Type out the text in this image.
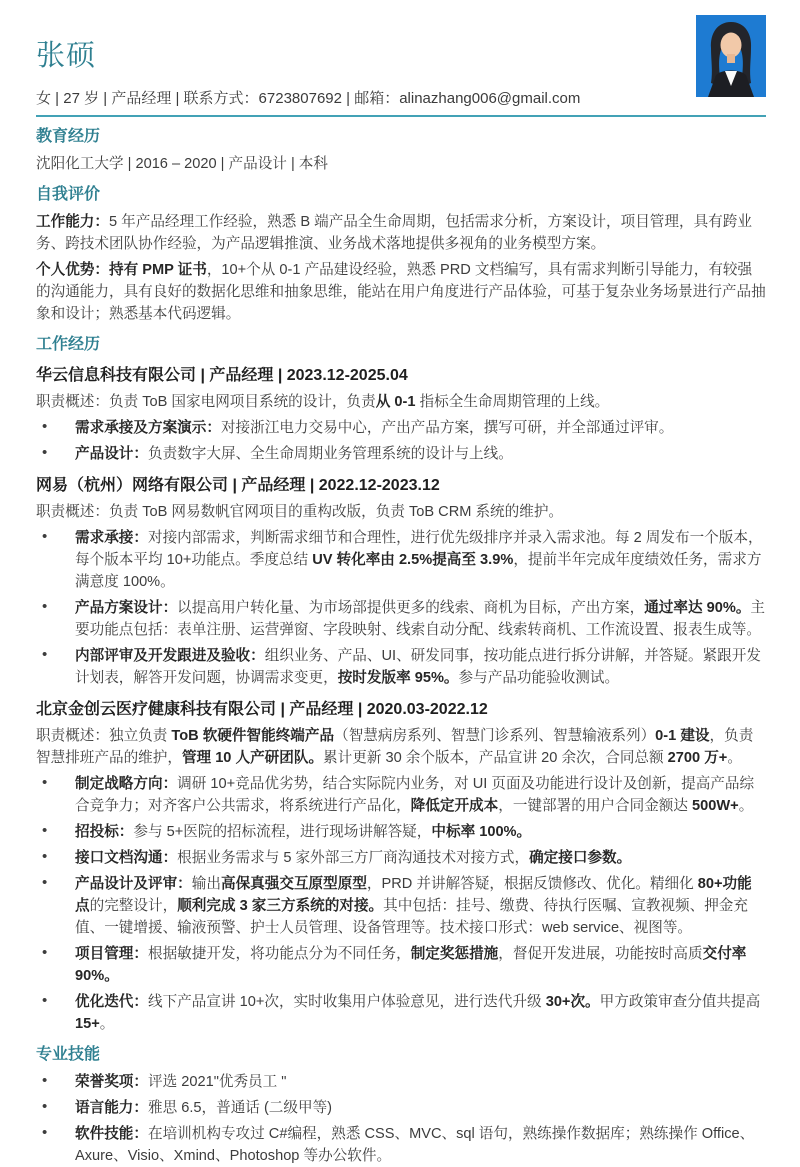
张硕
女 | 27 岁 | 产品经理 | 联系方式：6723807692 | 邮箱：alinazhang006@gmail.com
教育经历

沈阳化工大学 | 2016 – 2020 | 产品设计 | 本科

自我评价

工作能力：5 年产品经理工作经验，熟悉 B 端产品全生命周期，包括需求分析，方案设计，项目管理，具有跨业务、跨技术团队协作经验，为产品逻辑推演、业务战术落地提供多视角的业务模型方案。

个人优势：持有 PMP 证书，10+个从 0-1 产品建设经验，熟悉 PRD 文档编写，具有需求判断引导能力，有较强的沟通能力，具有良好的数据化思维和抽象思维，能站在用户角度进行产品体验，可基于复杂业务场景进行产品抽象和设计；熟悉基本代码逻辑。

工作经历
华云信息科技有限公司 | 产品经理 | 2023.12-2025.04

职责概述：负责 ToB 国家电网项目系统的设计，负责从 0-1 指标全生命周期管理的上线。

• 需求承接及方案演示：对接浙江电力交易中心，产出产品方案，撰写可研，并全部通过评审。
• 产品设计：负责数字大屏、全生命周期业务管理系统的设计与上线。
网易（杭州）网络有限公司 | 产品经理 | 2022.12-2023.12

职责概述：负责 ToB 网易数帆官网项目的重构改版，负责 ToB CRM 系统的维护。

• 需求承接：对接内部需求，判断需求细节和合理性，进行优先级排序并录入需求池。每 2 周发布一个版本，每个版本平均 10+功能点。季度总结 UV 转化率由 2.5%提高至 3.9%，提前半年完成年度绩效任务，需求方满意度 100%。
• 产品方案设计：以提高用户转化量、为市场部提供更多的线索、商机为目标，产出方案，通过率达 90%。主要功能点包括：表单注册、运营弹窗、字段映射、线索自动分配、线索转商机、工作流设置、报表生成等。
• 内部评审及开发跟进及验收：组织业务、产品、UI、研发同事，按功能点进行拆分讲解，并答疑。紧跟开发计划表，解答开发问题，协调需求变更，按时发版率 95%。参与产品功能验收测试。
北京金创云医疗健康科技有限公司 | 产品经理 | 2020.03-2022.12

职责概述：独立负责 ToB 软硬件智能终端产品（智慧病房系列、智慧门诊系列、智慧输液系列）0-1 建设，负责智慧排班产品的维护，管理 10 人产研团队。累计更新 30 余个版本，产品宣讲 20 余次，合同总额 2700 万+。

• 制定战略方向：调研 10+竞品优劣势，结合实际院内业务，对 UI 页面及功能进行设计及创新，提高产品综合竞争力；对齐客户公共需求，将系统进行产品化，降低定开成本，一键部署的用户合同金额达 500W+。
• 招投标：参与 5+医院的招标流程，进行现场讲解答疑，中标率 100%。
• 接口文档沟通：根据业务需求与 5 家外部三方厂商沟通技术对接方式，确定接口参数。
• 产品设计及评审：输出高保真强交互原型原型，PRD 并讲解答疑，根据反馈修改、优化。精细化 80+功能点的完整设计，顺利完成 3 家三方系统的对接。其中包括：挂号、缴费、待执行医嘱、宣教视频、押金充值、一键增援、输液预警、护士人员管理、设备管理等。技术接口形式：web service、视图等。
• 项目管理：根据敏捷开发，将功能点分为不同任务，制定奖惩措施，督促开发进展，功能按时高质交付率 90%。
• 优化迭代：线下产品宣讲 10+次，实时收集用户体验意见，进行迭代升级 30+次。甲方政策审查分值共提高 15+。
专业技能
• 荣誉奖项：评选 2021"优秀员工 "
• 语言能力：雅思 6.5，普通话 (二级甲等)
• 软件技能：在培训机构专攻过 C#编程，熟悉 CSS、MVC、sql 语句，熟练操作数据库；熟练操作 Office、Axure、Visio、Xmind、Photoshop 等办公软件。
